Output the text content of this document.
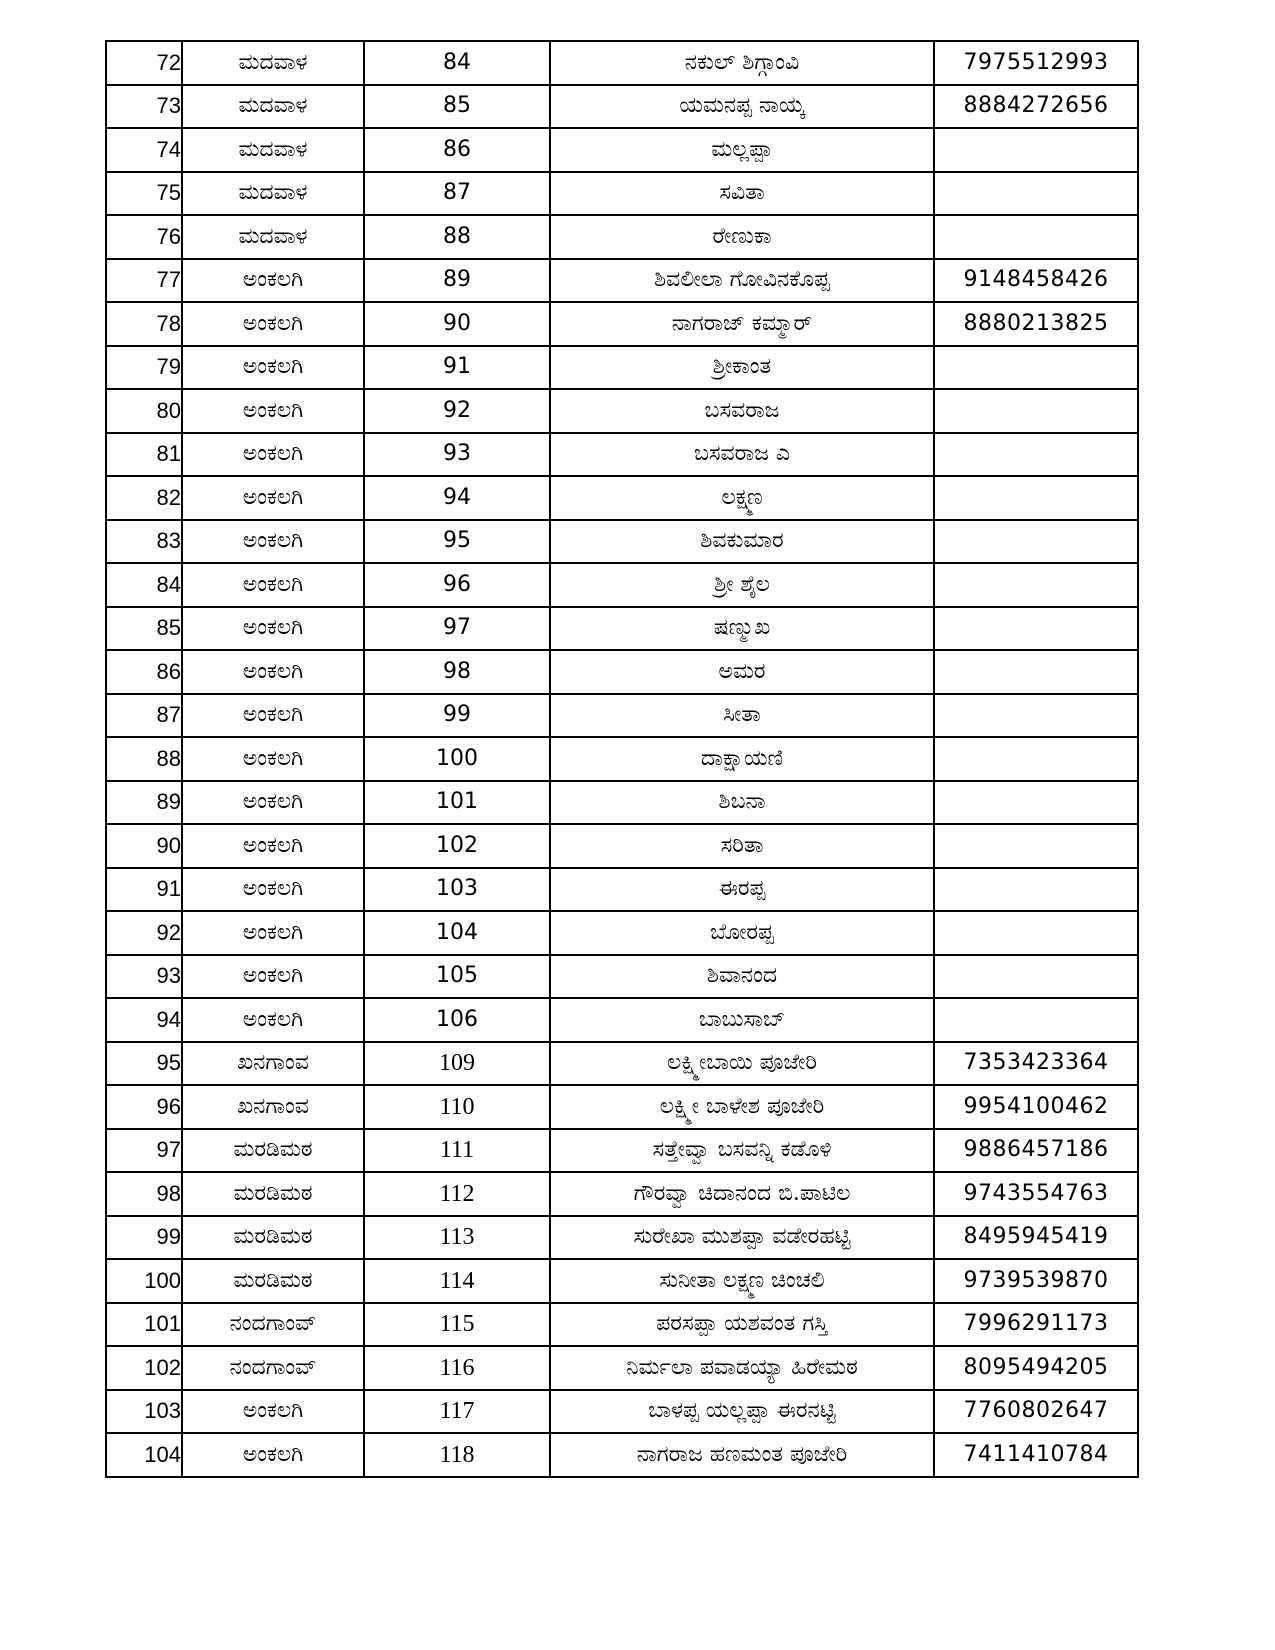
72	ಮದವಾಳ	84	ನಕುಲ್ ಶಿಗ್ಗಾಂವಿ	7975512993
73	ಮದವಾಳ	85	ಯಮನಪ್ಪ ನಾಯ್ಕ	8884272656
74	ಮದವಾಳ	86	ಮಲ್ಲಪ್ಪಾ	
75	ಮದವಾಳ	87	ಸವಿತಾ	
76	ಮದವಾಳ	88	ರೇಣುಕಾ	
77	ಅಂಕಲಗಿ	89	ಶಿವಲೀಲಾ ಗೋವಿನಕೊಪ್ಪ	9148458426
78	ಅಂಕಲಗಿ	90	ನಾಗರಾಜ್ ಕಮ್ಮಾರ್	8880213825
79	ಅಂಕಲಗಿ	91	ಶ್ರೀಕಾಂತ	
80	ಅಂಕಲಗಿ	92	ಬಸವರಾಜ	
81	ಅಂಕಲಗಿ	93	ಬಸವರಾಜ ಎ	
82	ಅಂಕಲಗಿ	94	ಲಕ್ಷ್ಮಣ	
83	ಅಂಕಲಗಿ	95	ಶಿವಕುಮಾರ	
84	ಅಂಕಲಗಿ	96	ಶ್ರೀ ಶೈಲ	
85	ಅಂಕಲಗಿ	97	ಷಣ್ಮುಖ	
86	ಅಂಕಲಗಿ	98	ಅಮರ	
87	ಅಂಕಲಗಿ	99	ಸೀತಾ	
88	ಅಂಕಲಗಿ	100	ದಾಕ್ಷಾಯಣಿ	
89	ಅಂಕಲಗಿ	101	ಶಿಬನಾ	
90	ಅಂಕಲಗಿ	102	ಸರಿತಾ	
91	ಅಂಕಲಗಿ	103	ಈರಪ್ಪ	
92	ಅಂಕಲಗಿ	104	ಬೋರಪ್ಪ	
93	ಅಂಕಲಗಿ	105	ಶಿವಾನಂದ	
94	ಅಂಕಲಗಿ	106	ಬಾಬುಸಾಬ್	
95	ಖನಗಾಂವ	109	ಲಕ್ಷ್ಮೀಬಾಯಿ ಪೂಜೇರಿ	7353423364
96	ಖನಗಾಂವ	110	ಲಕ್ಷ್ಮೀ ಬಾಳೇಶ ಪೂಜೇರಿ	9954100462
97	ಮರಡಿಮಠ	111	ಸತ್ತೇವ್ವಾ ಬಸವನ್ನಿ ಕಡೊಳಿ	9886457186
98	ಮರಡಿಮಠ	112	ಗೌರವ್ವಾ ಚಿದಾನಂದ ಬಿ.ಪಾಟಿಲ	9743554763
99	ಮರಡಿಮಠ	113	ಸುರೇಖಾ ಮುಶಪ್ಪಾ ವಡೇರಹಟ್ಟಿ	8495945419
100	ಮರಡಿಮಠ	114	ಸುನೀತಾ ಲಕ್ಷ್ಮಣ ಚಿಂಚಲಿ	9739539870
101	ನಂದಗಾಂವ್	115	ಪರಸಪ್ಪಾ ಯಶವಂತ ಗಸ್ತಿ	7996291173
102	ನಂದಗಾಂವ್	116	ನಿರ್ಮಲಾ ಪವಾಡಯ್ಯಾ ಹಿರೇಮಠ	8095494205
103	ಅಂಕಲಗಿ	117	ಬಾಳಪ್ಪ ಯಲ್ಲಪ್ಪಾ ಈರನಟ್ಟಿ	7760802647
104	ಅಂಕಲಗಿ	118	ನಾಗರಾಜ ಹಣಮಂತ ಪೂಜೇರಿ	7411410784
